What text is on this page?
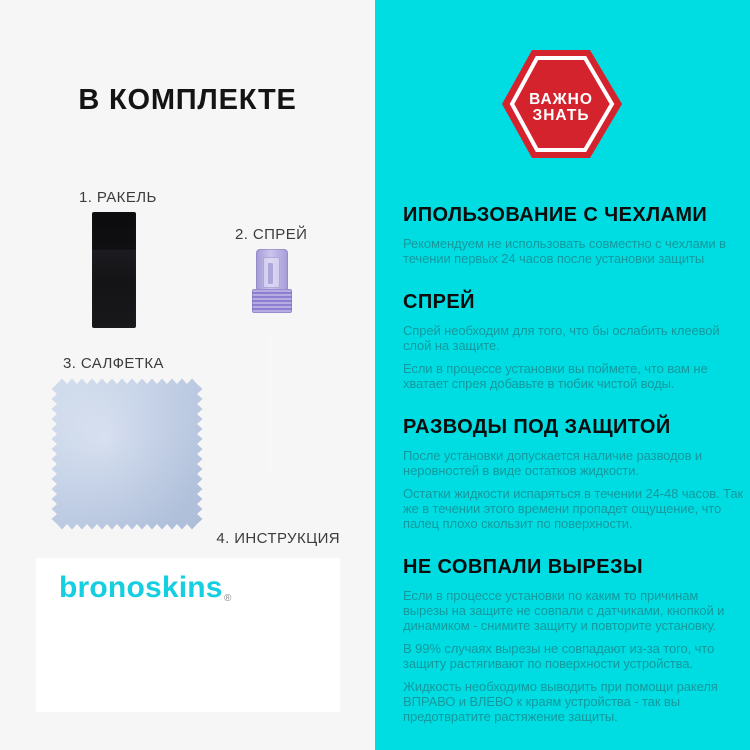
В КОМПЛЕКТЕ
1. РАКЕЛЬ
2. СПРЕЙ
3. САЛФЕТКА
4. ИНСТРУКЦИЯ
bronoskins ®
ВАЖНО
ЗНАТЬ
ИПОЛЬЗОВАНИЕ С ЧЕХЛАМИ

Рекомендуем не использовать совместно с чехлами в течении первых 24 часов после установки защиты

СПРЕЙ

Спрей необходим для того, что бы ослабить клеевой слой на защите.

Если в процессе установки вы поймете, что вам не хватает спрея добавьте в тюбик чистой воды.

РАЗВОДЫ ПОД ЗАЩИТОЙ

После установки допускается наличие разводов и неровностей в виде остатков жидкости.

Остатки жидкости испаряться в течении 24-48 часов. Так же в течении этого времени пропадет ощущение, что палец плохо скользит по поверхности.

НЕ СОВПАЛИ ВЫРЕЗЫ

Если в процессе установки по каким то причинам вырезы на защите не совпали с датчиками, кнопкой и динамиком - снимите защиту и повторите установку.

В 99% случаях вырезы не совпадают из-за того, что защиту растягивают по поверхности устройства.

Жидкость необходимо выводить при помощи ракеля ВПРАВО и ВЛЕВО к краям устройства - так вы предотвратите растяжение защиты.
